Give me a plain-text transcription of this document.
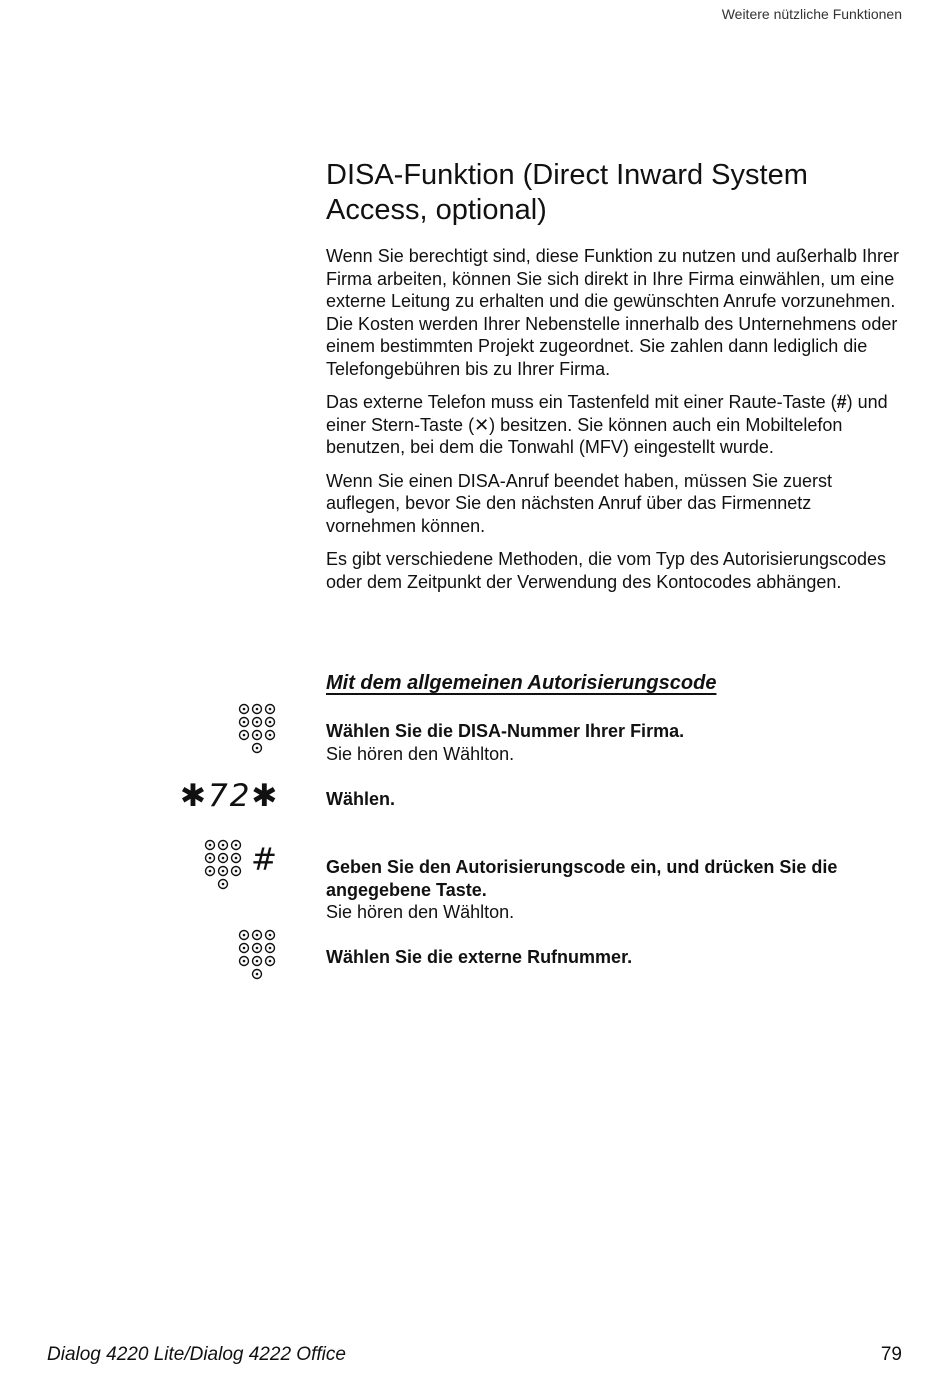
Weitere nützliche Funktionen
DISA-Funktion (Direct Inward System Access, optional)

Wenn Sie berechtigt sind, diese Funktion zu nutzen und außerhalb Ihrer Firma arbeiten, können Sie sich direkt in Ihre Firma einwählen, um eine externe Leitung zu erhalten und die gewünschten Anrufe vorzunehmen. Die Kosten werden Ihrer Nebenstelle innerhalb des Unternehmens oder einem bestimmten Projekt zugeordnet. Sie zahlen dann lediglich die Telefongebühren bis zu Ihrer Firma.

Das externe Telefon muss ein Tastenfeld mit einer Raute-Taste (#) und einer Stern-Taste (✕) besitzen. Sie können auch ein Mobiltelefon benutzen, bei dem die Tonwahl (MFV) eingestellt wurde.

Wenn Sie einen DISA-Anruf beendet haben, müssen Sie zuerst auflegen, bevor Sie den nächsten Anruf über das Firmennetz vornehmen können.

Es gibt verschiedene Methoden, die vom Typ des Autorisierungscodes oder dem Zeitpunkt der Verwendung des Kontocodes abhängen.

Mit dem allgemeinen Autorisierungscode
Wählen Sie die DISA-Nummer Ihrer Firma.
Sie hören den Wählton.
✱72✱	Wählen.
#	Geben Sie den Autorisierungscode ein, und drücken Sie die angegebene Taste.
Sie hören den Wählton.
Wählen Sie die externe Rufnummer.
Dialog 4220 Lite/Dialog 4222 Office	79
